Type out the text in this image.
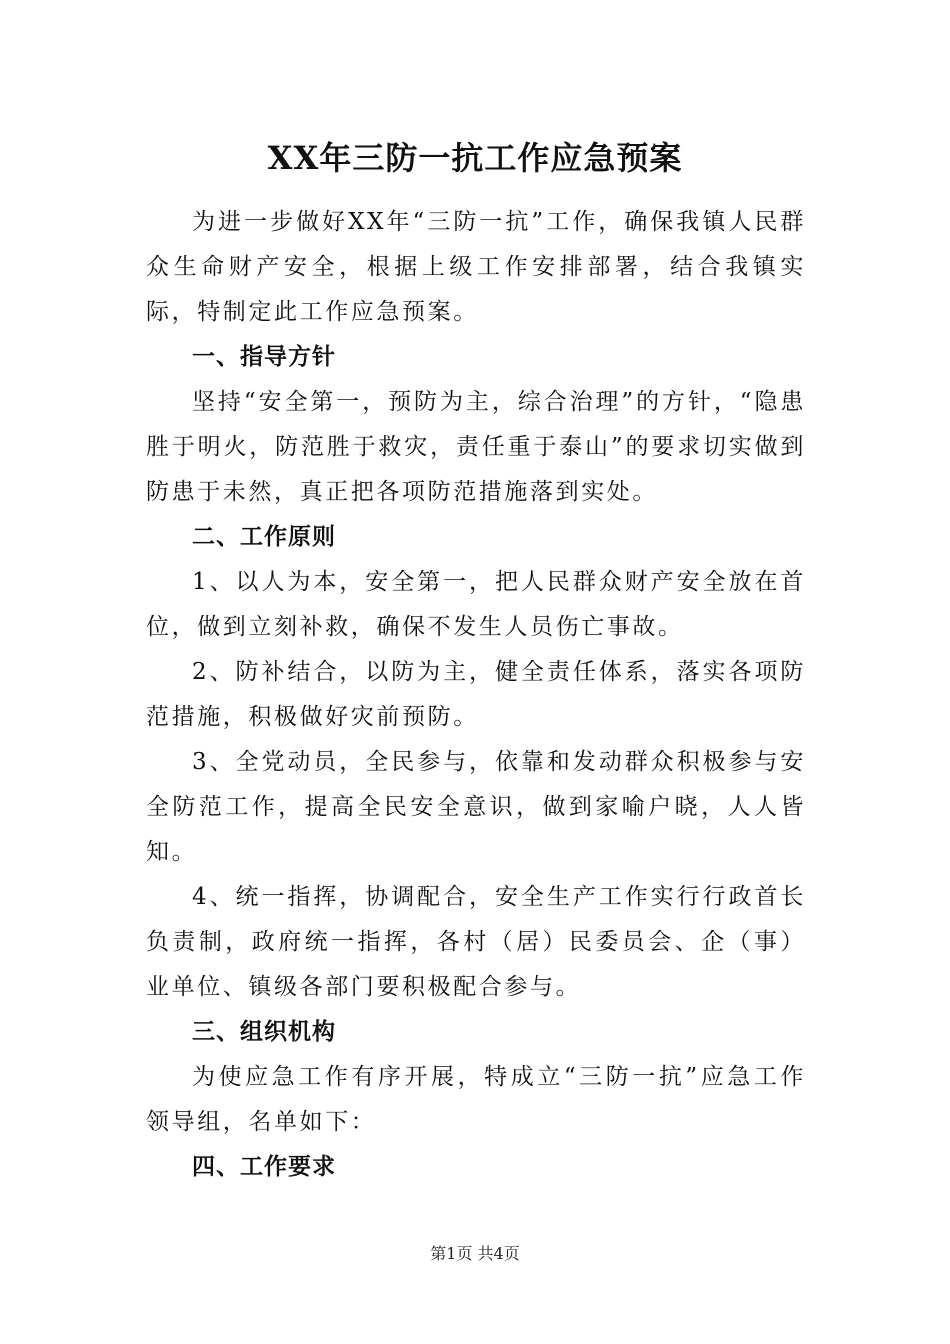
XX年三防一抗工作应急预案

为进一步做好XX年“三防一抗”工作，确保我镇人民群众生命财产安全，根据上级工作安排部署，结合我镇实际，特制定此工作应急预案。

一、指导方针

坚持“安全第一，预防为主，综合治理”的方针，“隐患胜于明火，防范胜于救灾，责任重于泰山”的要求切实做到防患于未然，真正把各项防范措施落到实处。

二、工作原则

1、以人为本，安全第一，把人民群众财产安全放在首位，做到立刻补救，确保不发生人员伤亡事故。

2、防补结合，以防为主，健全责任体系，落实各项防范措施，积极做好灾前预防。

3、全党动员，全民参与，依靠和发动群众积极参与安全防范工作，提高全民安全意识，做到家喻户晓，人人皆知。

4、统一指挥，协调配合，安全生产工作实行行政首长负责制，政府统一指挥，各村（居）民委员会、企（事）业单位、镇级各部门要积极配合参与。

三、组织机构

为使应急工作有序开展，特成立“三防一抗”应急工作领导组，名单如下：

四、工作要求

第1页 共4页
